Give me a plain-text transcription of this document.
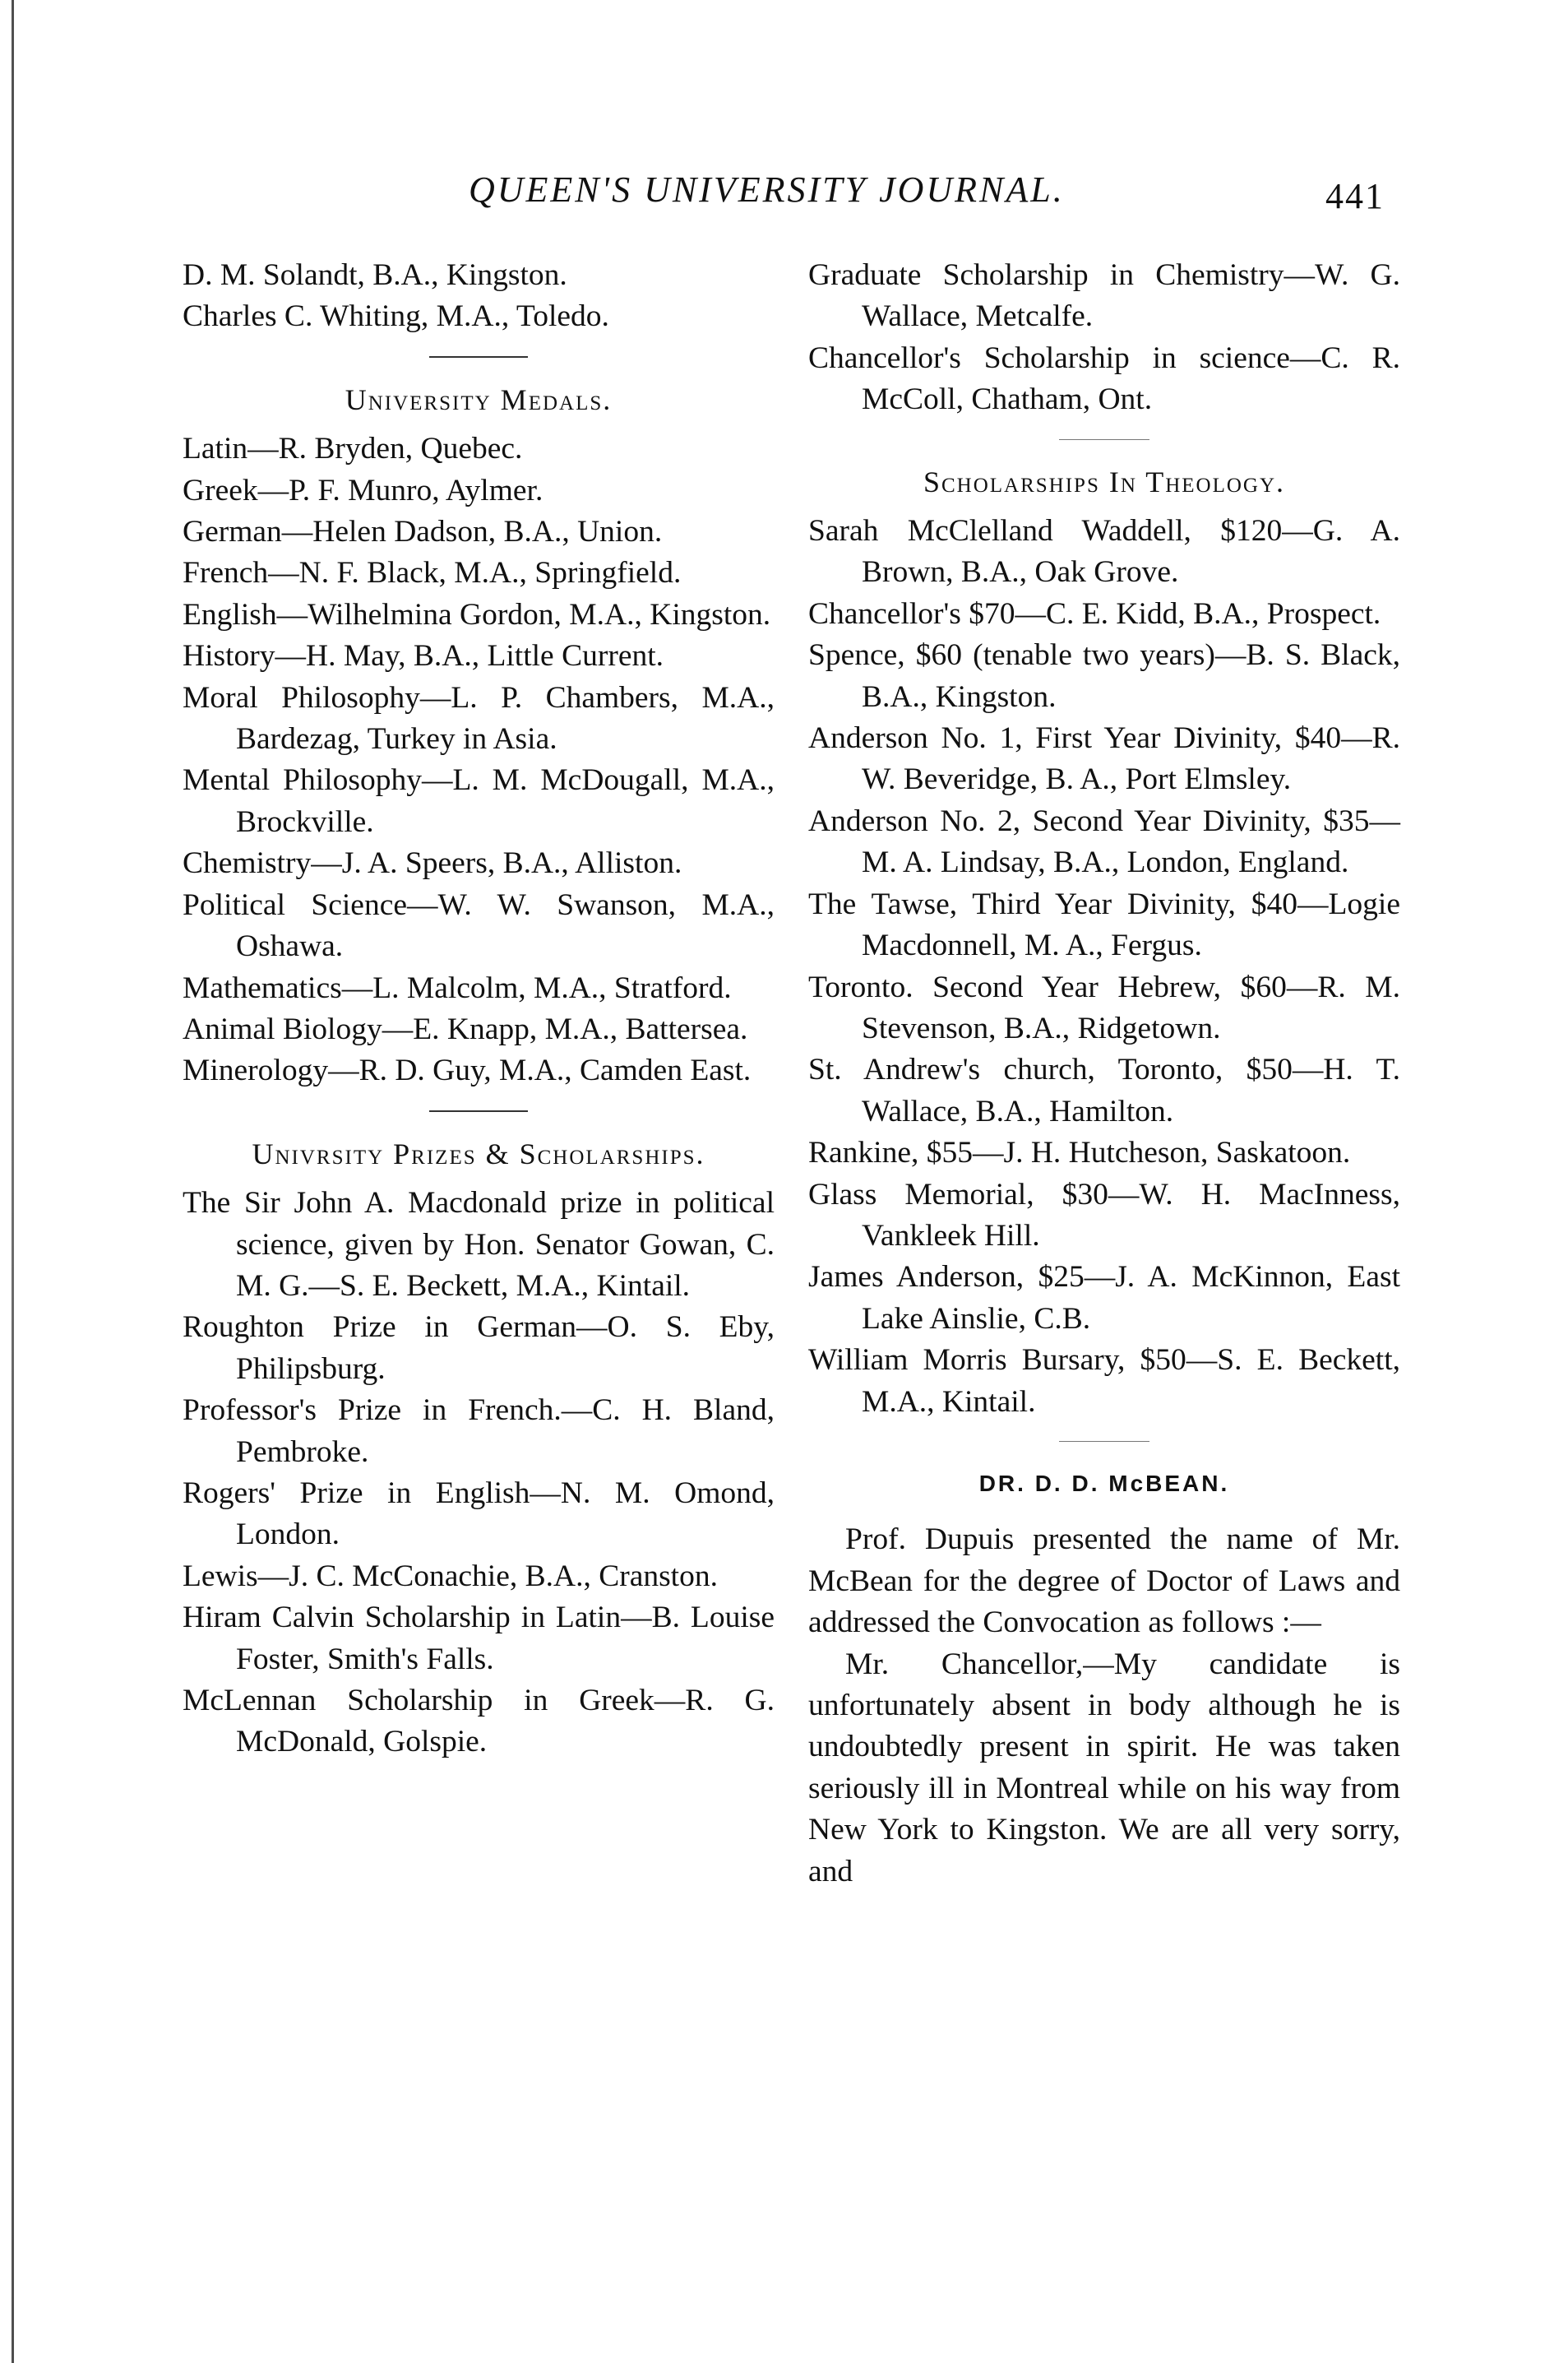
QUEEN'S UNIVERSITY JOURNAL.	441
D. M. Solandt, B.A., Kingston.
Charles C. Whiting, M.A., Toledo.
University Medals.
Latin—R. Bryden, Quebec.
Greek—P. F. Munro, Aylmer.
German—Helen Dadson, B.A., Union.
French—N. F. Black, M.A., Springfield.
English—Wilhelmina Gordon, M.A., Kingston.
History—H. May, B.A., Little Current.
Moral Philosophy—L. P. Chambers, M.A., Bardezag, Turkey in Asia.
Mental Philosophy—L. M. McDougall, M.A., Brockville.
Chemistry—J. A. Speers, B.A., Alliston.
Political Science—W. W. Swanson, M.A., Oshawa.
Mathematics—L. Malcolm, M.A., Stratford.
Animal Biology—E. Knapp, M.A., Battersea.
Minerology—R. D. Guy, M.A., Camden East.
Univrsity Prizes & Scholarships.
The Sir John A. Macdonald prize in political science, given by Hon. Senator Gowan, C. M. G.—S. E. Beckett, M.A., Kintail.
Roughton Prize in German—O. S. Eby, Philipsburg.
Professor's Prize in French.—C. H. Bland, Pembroke.
Rogers' Prize in English—N. M. Omond, London.
Lewis—J. C. McConachie, B.A., Cranston.
Hiram Calvin Scholarship in Latin—B. Louise Foster, Smith's Falls.
McLennan Scholarship in Greek—R. G. McDonald, Golspie.
Graduate Scholarship in Chemistry—W. G. Wallace, Metcalfe.
Chancellor's Scholarship in science—C. R. McColl, Chatham, Ont.
Scholarships In Theology.
Sarah McClelland Waddell, $120—G. A. Brown, B.A., Oak Grove.
Chancellor's $70—C. E. Kidd, B.A., Prospect.
Spence, $60 (tenable two years)—B. S. Black, B.A., Kingston.
Anderson No. 1, First Year Divinity, $40—R. W. Beveridge, B. A., Port Elmsley.
Anderson No. 2, Second Year Divinity, $35—M. A. Lindsay, B.A., London, England.
The Tawse, Third Year Divinity, $40—Logie Macdonnell, M. A., Fergus.
Toronto. Second Year Hebrew, $60—R. M. Stevenson, B.A., Ridgetown.
St. Andrew's church, Toronto, $50—H. T. Wallace, B.A., Hamilton.
Rankine, $55—J. H. Hutcheson, Saskatoon.
Glass Memorial, $30—W. H. MacInness, Vankleek Hill.
James Anderson, $25—J. A. McKinnon, East Lake Ainslie, C.B.
William Morris Bursary, $50—S. E. Beckett, M.A., Kintail.
DR. D. D. McBEAN.
Prof. Dupuis presented the name of Mr. McBean for the degree of Doctor of Laws and addressed the Convocation as follows :—
Mr. Chancellor,—My candidate is unfortunately absent in body although he is undoubtedly present in spirit. He was taken seriously ill in Montreal while on his way from New York to Kingston. We are all very sorry, and
